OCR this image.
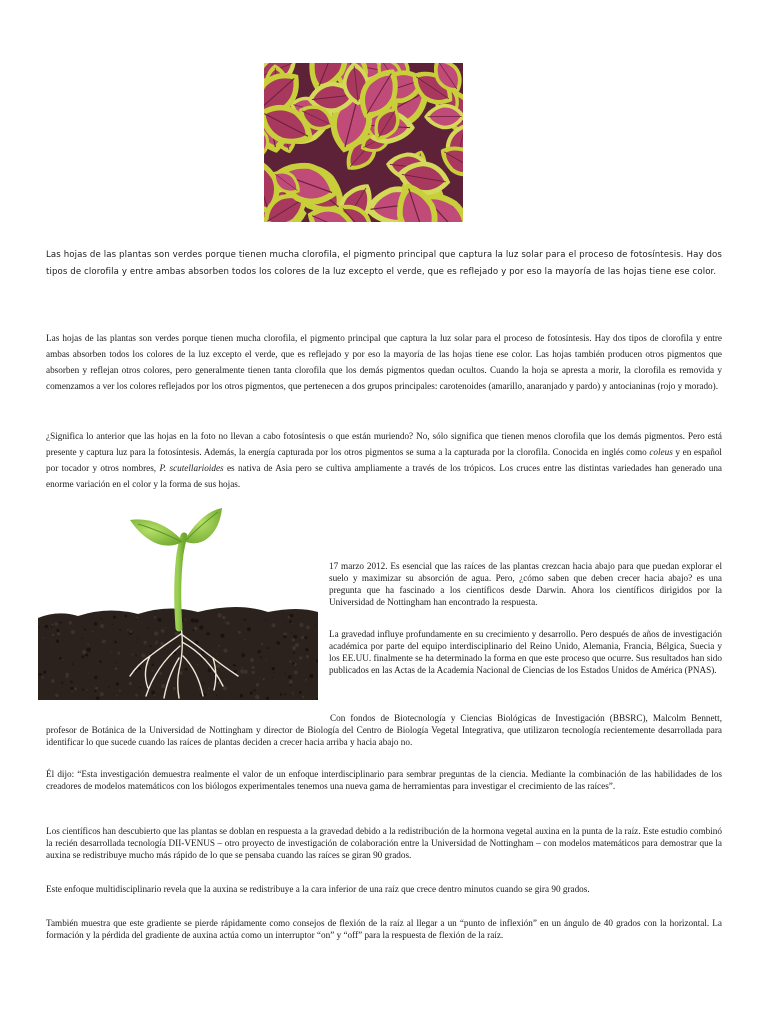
Las hojas de las plantas son verdes porque tienen mucha clorofila, el pigmento principal que captura la luz solar para el proceso de fotosíntesis. Hay dos tipos de clorofila y entre ambas absorben todos los colores de la luz excepto el verde, que es reflejado y por eso la mayoría de las hojas tiene ese color.

Las hojas de las plantas son verdes porque tienen mucha clorofila, el pigmento principal que captura la luz solar para el proceso de fotosíntesis. Hay dos tipos de clorofila y entre ambas absorben todos los colores de la luz excepto el verde, que es reflejado y por eso la mayoría de las hojas tiene ese color. Las hojas también producen otros pigmentos que absorben y reflejan otros colores, pero generalmente tienen tanta clorofila que los demás pigmentos quedan ocultos. Cuando la hoja se apresta a morir, la clorofila es removida y comenzamos a ver los colores reflejados por los otros pigmentos, que pertenecen a dos grupos principales: carotenoides (amarillo, anaranjado y pardo) y antocianinas (rojo y morado).

¿Significa lo anterior que las hojas en la foto no llevan a cabo fotosíntesis o que están muriendo? No, sólo significa que tienen menos clorofila que los demás pigmentos. Pero está presente y captura luz para la fotosíntesis. Además, la energía capturada por los otros pigmentos se suma a la capturada por la clorofila. Conocida en inglés como coleus y en español por tocador y otros nombres, P. scutellarioides es nativa de Asia pero se cultiva ampliamente a través de los trópicos. Los cruces entre las distintas variedades han generado una enorme variación en el color y la forma de sus hojas.

17 marzo 2012. Es esencial que las raíces de las plantas crezcan hacia abajo para que puedan explorar el suelo y maximizar su absorción de agua. Pero, ¿cómo saben que deben crecer hacia abajo? es una pregunta que ha fascinado a los científicos desde Darwin. Ahora los científicos dirigidos por la Universidad de Nottingham han encontrado la respuesta.

La gravedad influye profundamente en su crecimiento y desarrollo. Pero después de años de investigación académica por parte del equipo interdisciplinario del Reino Unido, Alemania, Francia, Bélgica, Suecia y los EE.UU. finalmente se ha determinado la forma en que este proceso que ocurre. Sus resultados han sido publicados en las Actas de la Academia Nacional de Ciencias de los Estados Unidos de América (PNAS).

Con fondos de Biotecnología y Ciencias Biológicas de Investigación (BBSRC), Malcolm Bennett, profesor de Botánica de la Universidad de Nottingham y director de Biología del Centro de Biología Vegetal Integrativa, que utilizaron tecnología recientemente desarrollada para identificar lo que sucede cuando las raíces de plantas deciden a crecer hacia arriba y hacia abajo no.

Él dijo: “Esta investigación demuestra realmente el valor de un enfoque interdisciplinario para sembrar preguntas de la ciencia. Mediante la combinación de las habilidades de los creadores de modelos matemáticos con los biólogos experimentales tenemos una nueva gama de herramientas para investigar el crecimiento de las raíces”.

Los científicos han descubierto que las plantas se doblan en respuesta a la gravedad debido a la redistribución de la hormona vegetal auxina en la punta de la raíz. Este estudio combinó la recién desarrollada tecnología DII-VENUS – otro proyecto de investigación de colaboración entre la Universidad de Nottingham – con modelos matemáticos para demostrar que la auxina se redistribuye mucho más rápido de lo que se pensaba cuando las raíces se giran 90 grados.

Este enfoque multidisciplinario revela que la auxina se redistribuye a la cara inferior de una raíz que crece dentro minutos cuando se gira 90 grados.

También muestra que este gradiente se pierde rápidamente como consejos de flexión de la raíz al llegar a un “punto de inflexión” en un ángulo de 40 grados con la horizontal. La formación y la pérdida del gradiente de auxina actúa como un interruptor “on” y “off” para la respuesta de flexión de la raíz.
